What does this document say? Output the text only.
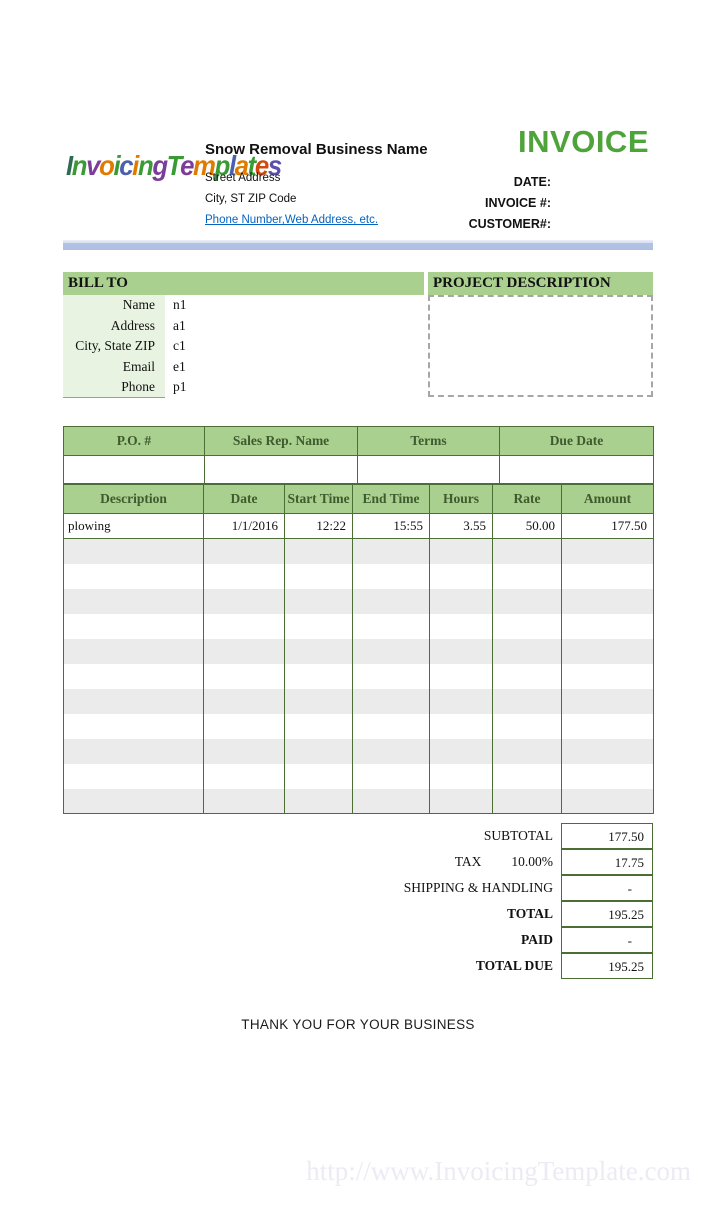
InvoicingTemplates
Snow Removal Business Name
Street Address
City, ST ZIP Code
Phone Number,Web Address, etc.
INVOICE
DATE:
INVOICE #:
CUSTOMER#:
BILL TO	PROJECT DESCRIPTION
Name	n1
Address	a1
City, State ZIP	c1
Email	e1
Phone	p1
P.O. #	Sales Rep. Name	Terms	Due Date

Description	Date	Start Time	End Time	Hours	Rate	Amount
plowing	1/1/2016	12:22	15:55	3.55	50.00	177.50

SUBTOTAL	177.50
TAX 10.00%	17.75
SHIPPING & HANDLING	-
TOTAL	195.25
PAID	-
TOTAL DUE	195.25
THANK YOU FOR YOUR BUSINESS
http://www.InvoicingTemplate.com
